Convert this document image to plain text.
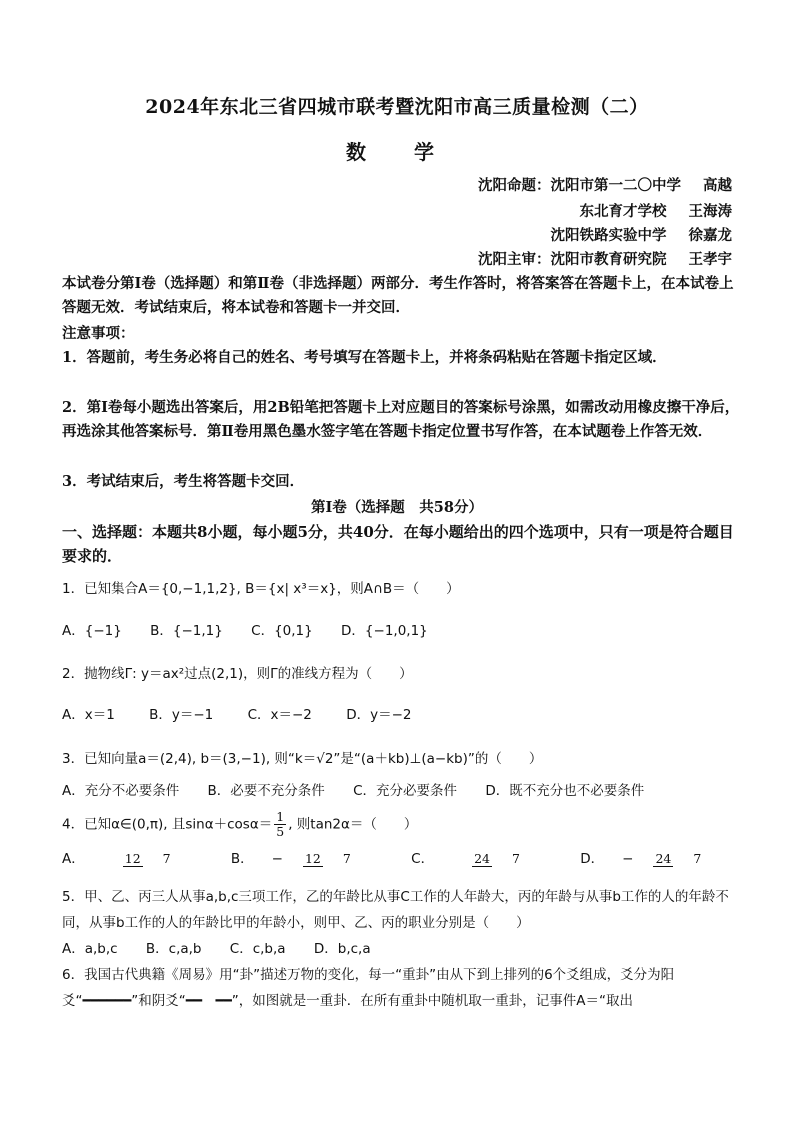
2024年东北三省四城市联考暨沈阳市高三质量检测（二）
数　学
沈阳命题：沈阳市第一二〇中学 高越
东北育才学校 王海涛
沈阳铁路实验中学 徐嘉龙
沈阳主审：沈阳市教育研究院 王孝宇
本试卷分第Ⅰ卷（选择题）和第Ⅱ卷（非选择题）两部分．考生作答时，将答案答在答题卡上，在本试卷上答题无效．考试结束后，将本试卷和答题卡一并交回．
注意事项：
1．答题前，考生务必将自己的姓名、考号填写在答题卡上，并将条码粘贴在答题卡指定区域．
2．第Ⅰ卷每小题选出答案后，用2B铅笔把答题卡上对应题目的答案标号涂黑，如需改动用橡皮擦干净后，再选涂其他答案标号．第Ⅱ卷用黑色墨水签字笔在答题卡指定位置书写作答，在本试题卷上作答无效．
3．考试结束后，考生将答题卡交回．
第Ⅰ卷（选择题　共58分）
一、选择题：本题共8小题，每小题5分，共40分．在每小题给出的四个选项中，只有一项是符合题目要求的．
1．已知集合A＝{0,−1,1,2}, B＝{x| x³＝x}，则A∩B＝（　　）
A．{−1} B．{−1,1} C．{0,1} D．{−1,0,1}
2．抛物线Γ: y＝ax²过点(2,1)，则Γ的准线方程为（　　）
A．x＝1	B．y＝−1	C．x＝−2	D．y＝−2
3．已知向量a＝(2,4), b＝(3,−1), 则“k＝√2”是“(a＋kb)⊥(a−kb)”的（　　）
A．充分不必要条件 B．必要不充分条件 C．充分必要条件 D．既不充分也不必要条件
4．已知α∈(0,π), 且$\sin\alpha+\cos\alpha= \frac{1}{5}$ , 则tan2α＝（　　）
A．	12 7	B． − 12 7	C．	24 7	D． − 24 7
5．甲、乙、丙三人从事a,b,c三项工作，乙的年龄比从事C工作的人年龄大，丙的年龄与从事b工作的人的年龄不同，从事b工作的人的年龄比甲的年龄小，则甲、乙、丙的职业分别是（　　）
A．a,b,c B．c,a,b C．c,b,a D．b,c,a
6．我国古代典籍《周易》用“卦”描述万物的变化，每一“重卦”由从下到上排列的6个爻组成，爻分为阳爻“━━━━━━”和阴爻“━━　━━”，如图就是一重卦．在所有重卦中随机取一重卦，记事件A＝“取出
